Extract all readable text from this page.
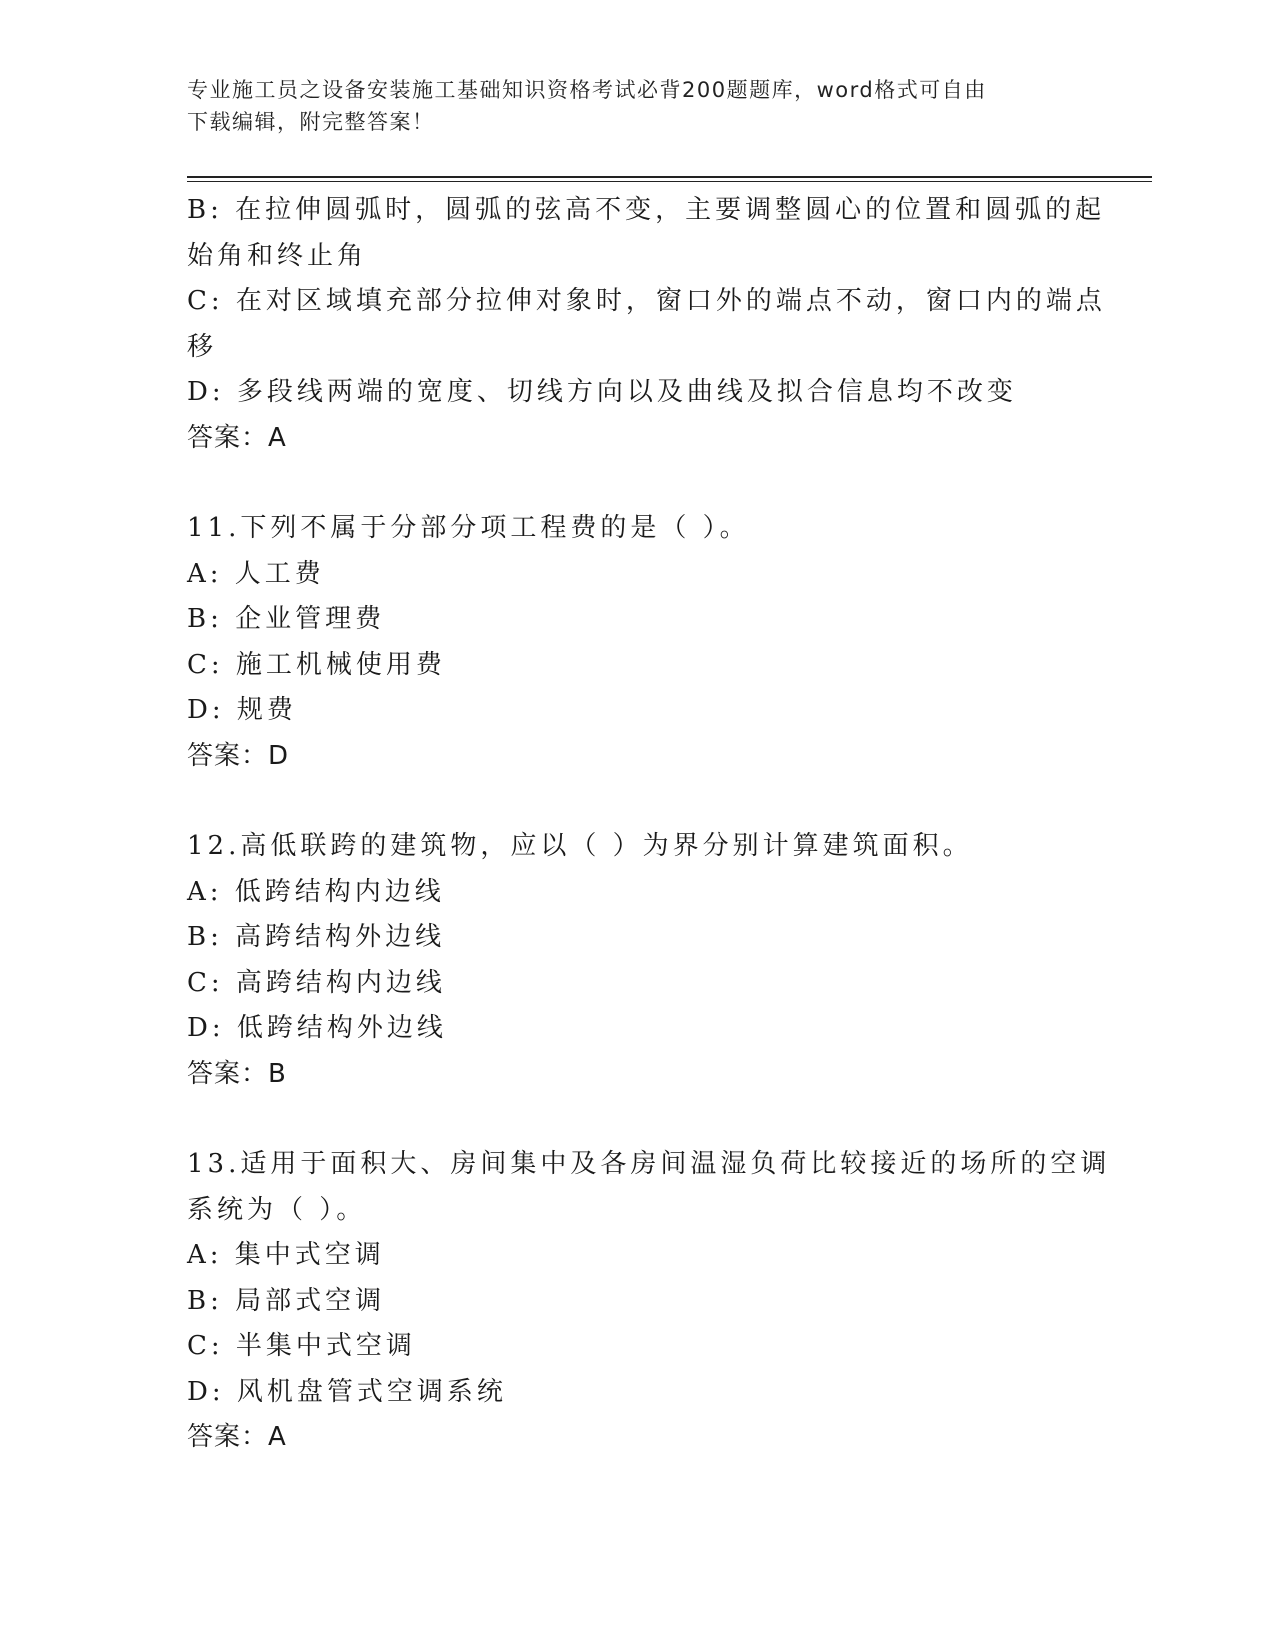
专业施工员之设备安装施工基础知识资格考试必背200题题库，word格式可自由
下载编辑，附完整答案！
B: 在拉伸圆弧时，圆弧的弦高不变，主要调整圆心的位置和圆弧的起
始角和终止角
C: 在对区域填充部分拉伸对象时，窗口外的端点不动，窗口内的端点
移
D: 多段线两端的宽度、切线方向以及曲线及拟合信息均不改变
答案：A
11.下列不属于分部分项工程费的是（ ）。
A: 人工费
B: 企业管理费
C: 施工机械使用费
D: 规费
答案：D
12.高低联跨的建筑物，应以（ ）为界分别计算建筑面积。
A: 低跨结构内边线
B: 高跨结构外边线
C: 高跨结构内边线
D: 低跨结构外边线
答案：B
13.适用于面积大、房间集中及各房间温湿负荷比较接近的场所的空调
系统为（ ）。
A: 集中式空调
B: 局部式空调
C: 半集中式空调
D: 风机盘管式空调系统
答案：A
